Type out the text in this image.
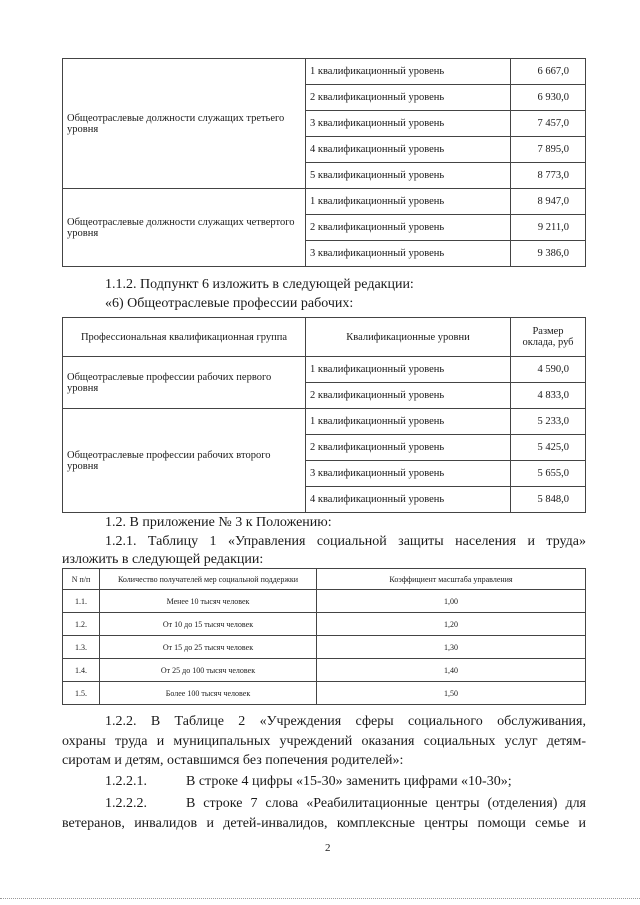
Общеотраслевые должности служащих третьего уровня	1 квалификационный уровень	6 667,0
	2 квалификационный уровень	6 930,0
	3 квалификационный уровень	7 457,0
	4 квалификационный уровень	7 895,0
	5 квалификационный уровень	8 773,0
Общеотраслевые должности служащих четвертого уровня	1 квалификационный уровень	8 947,0
	2 квалификационный уровень	9 211,0
	3 квалификационный уровень	9 386,0
1.1.2. Подпункт 6 изложить в следующей редакции:
«6) Общеотраслевые профессии рабочих:
Профессиональная квалификационная группа	Квалификационные уровни	Размер оклада, руб
Общеотраслевые профессии рабочих первого уровня	1 квалификационный уровень	4 590,0
	2 квалификационный уровень	4 833,0
Общеотраслевые профессии рабочих второго уровня	1 квалификационный уровень	5 233,0
	2 квалификационный уровень	5 425,0
	3 квалификационный уровень	5 655,0
	4 квалификационный уровень	5 848,0
1.2. В приложение № 3 к Положению:
1.2.1. Таблицу 1 «Управления социальной защиты населения и труда»
изложить в следующей редакции:
N п/п	Количество получателей мер социальной поддержки	Коэффициент масштаба управления
1.1.	Менее 10 тысяч человек	1,00
1.2.	От 10 до 15 тысяч человек	1,20
1.3.	От 15 до 25 тысяч человек	1,30
1.4.	От 25 до 100 тысяч человек	1,40
1.5.	Более 100 тысяч человек	1,50
1.2.2. В Таблице 2 «Учреждения сферы социального обслуживания,
охраны труда и муниципальных учреждений оказания социальных услуг детям-
сиротам и детям, оставшимся без попечения родителей»:
1.2.2.1.	В строке 4 цифры «15-30» заменить цифрами «10-30»;
1.2.2.2.	В строке 7 слова «Реабилитационные центры (отделения) для
ветеранов, инвалидов и детей-инвалидов, комплексные центры помощи семье и
2
